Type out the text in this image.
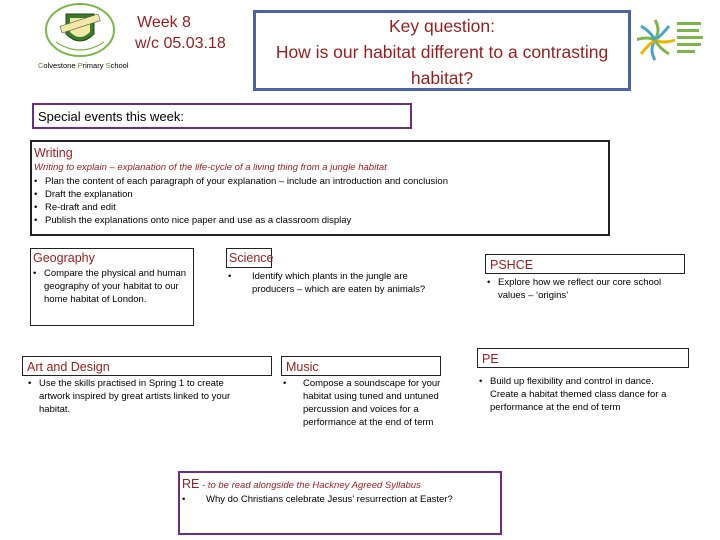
Colvestone Primary School
Week 8
w/c 05.03.18
Key question:
How is our habitat different to a contrasting habitat?
Special events this week:
Writing
Writing to explain – explanation of the life-cycle of a living thing from a jungle habitat
• Plan the content of each paragraph of your explanation – include an introduction and conclusion
• Draft the explanation
• Re-draft and edit
• Publish the explanations onto nice paper and use as a classroom display
Geography
• Compare the physical and human geography of your habitat to our home habitat of London.
Science
• Identify which plants in the jungle are producers – which are eaten by animals?
PSHCE
• Explore how we reflect our core school values – ‘origins’
Art and Design
• Use the skills practised in Spring 1 to create artwork inspired by great artists linked to your habitat.
Music
• Compose a soundscape for your habitat using tuned and untuned percussion and voices for a performance at the end of term
PE
• Build up flexibility and control in dance. Create a habitat themed class dance for a performance at the end of term
RE - to be read alongside the Hackney Agreed Syllabus
• Why do Christians celebrate Jesus’ resurrection at Easter?
